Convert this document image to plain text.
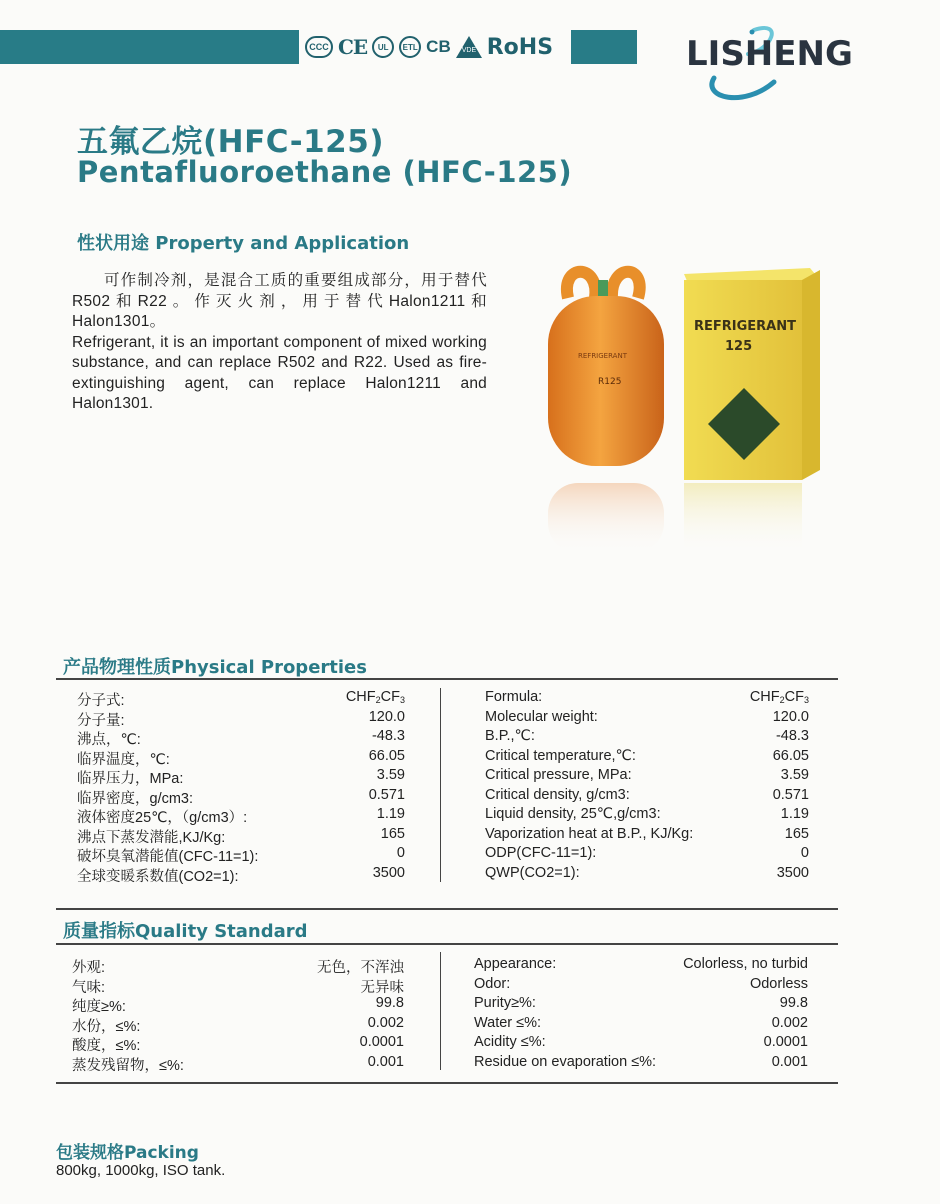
CCC CE	UL	ETL CB VDE RoHS	LISHENG
五氟乙烷(HFC-125)
Pentafluoroethane (HFC-125)
性状用途 Property and Application
可作制冷剂，是混合工质的重要组成部分，用于替代R502和R22。作灭火剂，用于替代Halon1211和Halon1301。
Refrigerant, it is an important component of mixed working substance, and can replace R502 and R22. Used as fire-extinguishing agent, can replace Halon1211 and Halon1301.
REFRIGERANT
R125
REFRIGERANT
125
产品物理性质Physical Properties
分子式:	$CHF_2CF_3$
分子量:	120.0
沸点，℃:	-48.3
临界温度，℃:	66.05
临界压力，MPa:	3.59
临界密度，g/cm3:	0.571
液体密度25℃，（g/cm3）:	1.19
沸点下蒸发潜能,KJ/Kg:	165
破坏臭氧潜能值(CFC-11=1):	0
全球变暖系数值(CO2=1):	3500
Formula:	$CHF_2CF_3$
Molecular weight:	120.0
B.P.,℃:	-48.3
Critical temperature,℃:	66.05
Critical pressure, MPa:	3.59
Critical density, g/cm3:	0.571
Liquid density, 25℃,g/cm3:	1.19
Vaporization heat at B.P., KJ/Kg:	165
ODP(CFC-11=1):	0
QWP(CO2=1):	3500
质量指标Quality Standard
外观:	无色，不浑浊
气味:	无异味
纯度≥%:	99.8
水份，≤%:	0.002
酸度，≤%:	0.0001
蒸发残留物，≤%:	0.001
Appearance:	Colorless, no turbid
Odor:	Odorless
Purity≥%:	99.8
Water ≤%:	0.002
Acidity ≤%:	0.0001
Residue on evaporation ≤%:	0.001
包装规格Packing
800kg, 1000kg, ISO tank.
